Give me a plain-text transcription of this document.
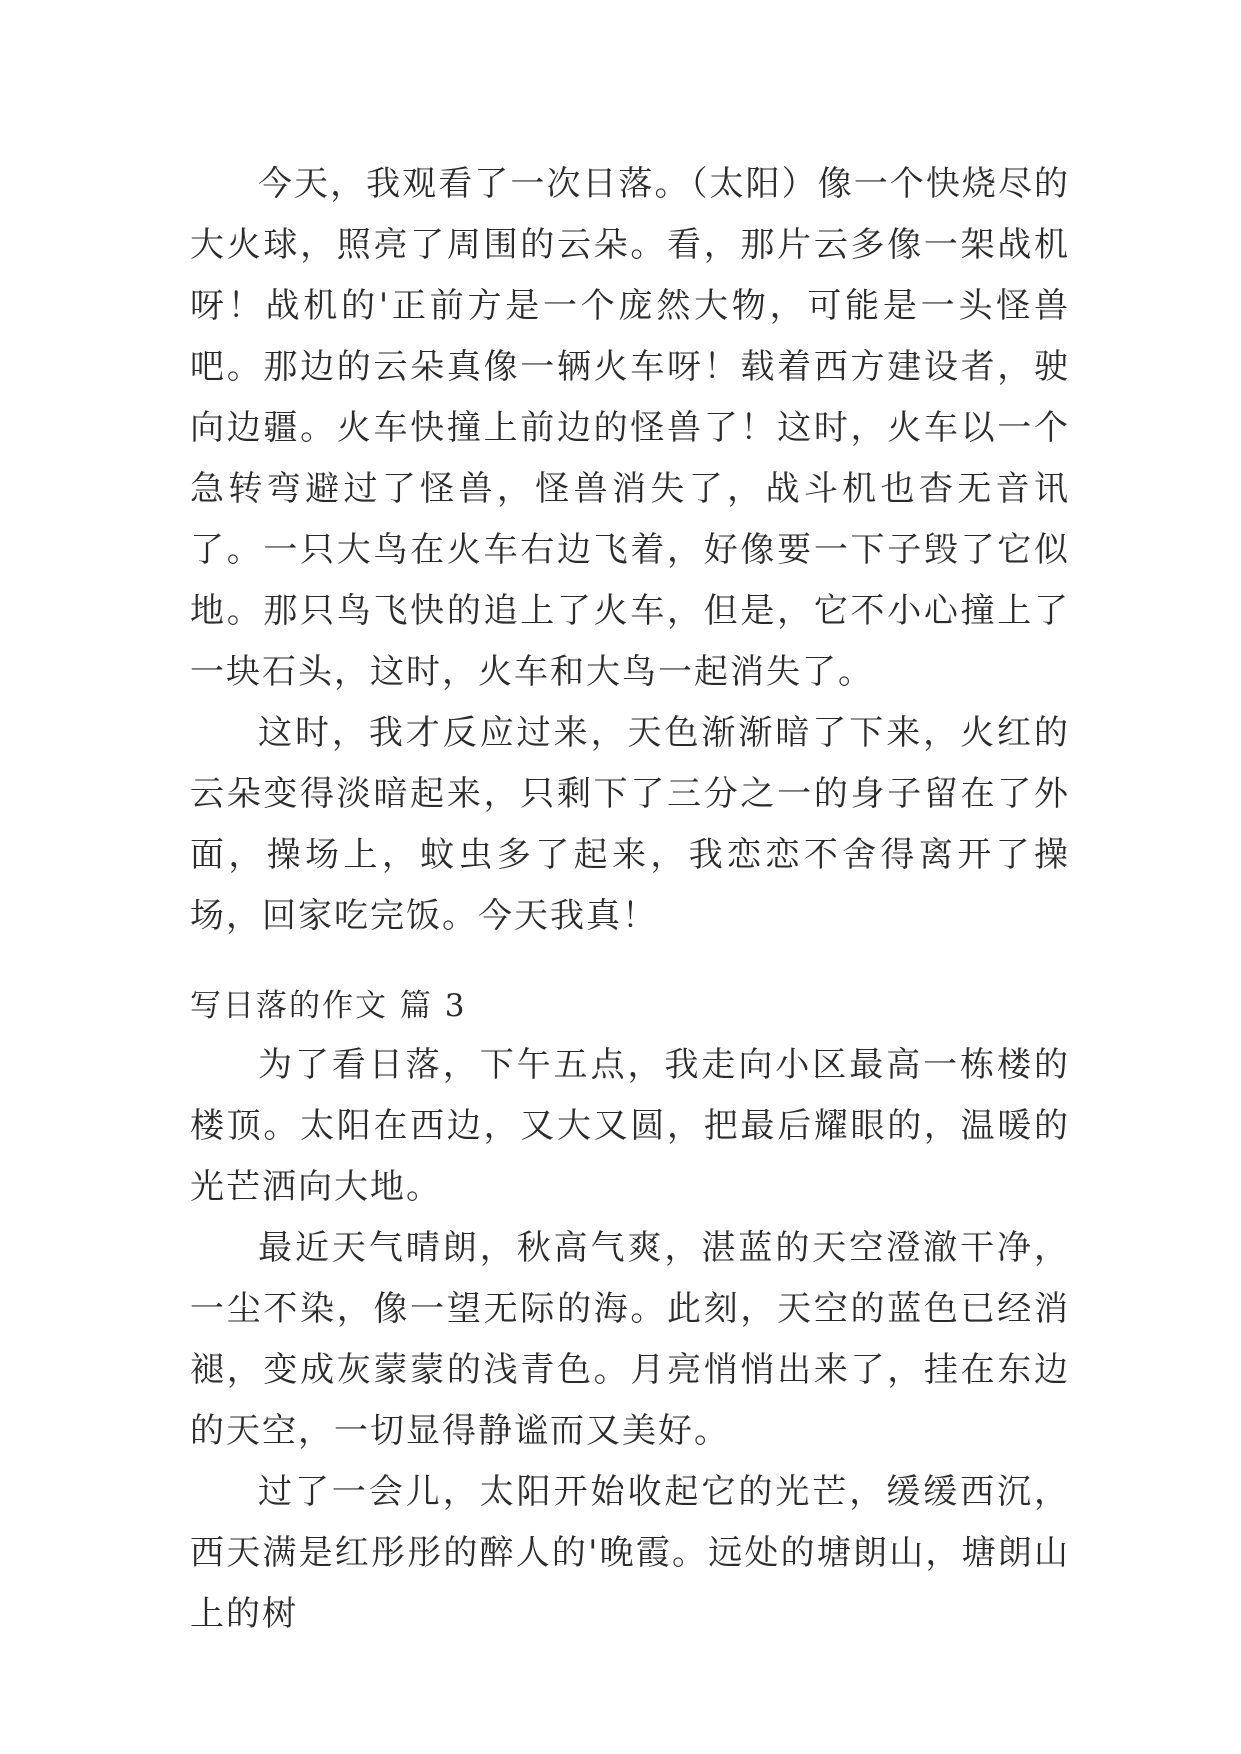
今天，我观看了一次日落。（太阳）像一个快烧尽的大火球，照亮了周围的云朵。看，那片云多像一架战机呀！战机的'正前方是一个庞然大物，可能是一头怪兽吧。那边的云朵真像一辆火车呀！载着西方建设者，驶向边疆。火车快撞上前边的怪兽了！这时，火车以一个急转弯避过了怪兽，怪兽消失了，战斗机也杳无音讯了。一只大鸟在火车右边飞着，好像要一下子毁了它似地。那只鸟飞快的追上了火车，但是，它不小心撞上了一块石头，这时，火车和大鸟一起消失了。

这时，我才反应过来，天色渐渐暗了下来，火红的云朵变得淡暗起来，只剩下了三分之一的身子留在了外面，操场上，蚊虫多了起来，我恋恋不舍得离开了操场，回家吃完饭。今天我真！

写日落的作文 篇 3

为了看日落，下午五点，我走向小区最高一栋楼的楼顶。太阳在西边，又大又圆，把最后耀眼的，温暖的光芒洒向大地。

最近天气晴朗，秋高气爽，湛蓝的天空澄澈干净，一尘不染，像一望无际的海。此刻，天空的蓝色已经消褪，变成灰蒙蒙的浅青色。月亮悄悄出来了，挂在东边的天空，一切显得静谧而又美好。

过了一会儿，太阳开始收起它的光芒，缓缓西沉，西天满是红彤彤的醉人的'晚霞。远处的塘朗山，塘朗山上的树
